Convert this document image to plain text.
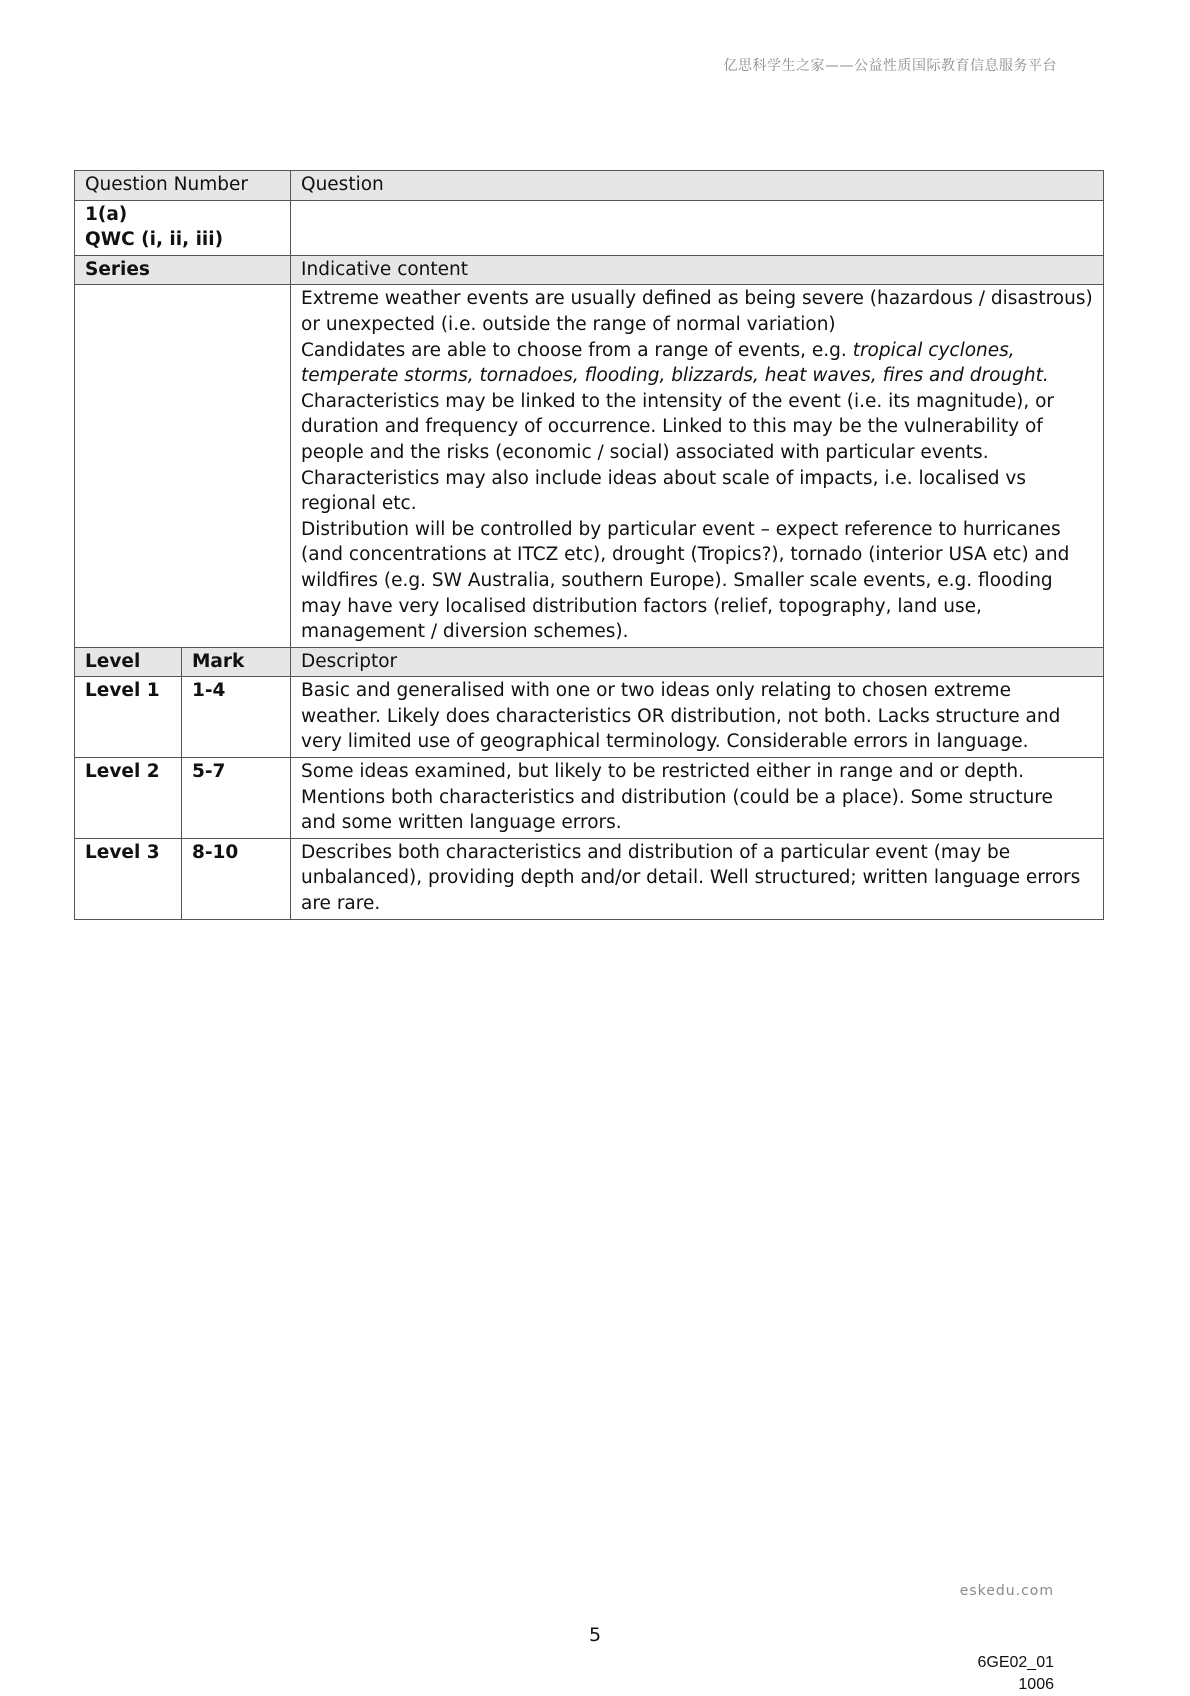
亿思科学生之家——公益性质国际教育信息服务平台
Question Number		Question

1(a)
QWC (i, ii, iii)		

Series		Indicative content

		Extreme weather events are usually defined as being severe (hazardous / disastrous) or unexpected (i.e. outside the range of normal variation)

Candidates are able to choose from a range of events, e.g. tropical cyclones, temperate storms, tornadoes, flooding, blizzards, heat waves, fires and drought.

Characteristics may be linked to the intensity of the event (i.e. its magnitude), or duration and frequency of occurrence. Linked to this may be the vulnerability of people and the risks (economic / social) associated with particular events. Characteristics may also include ideas about scale of impacts, i.e. localised vs regional etc.

Distribution will be controlled by particular event – expect reference to hurricanes (and concentrations at ITCZ etc), drought (Tropics?), tornado (interior USA etc) and wildfires (e.g. SW Australia, southern Europe). Smaller scale events, e.g. flooding may have very localised distribution factors (relief, topography, land use, management / diversion schemes).

Level	Mark	Descriptor
Level 1	1-4	Basic and generalised with one or two ideas only relating to chosen extreme weather. Likely does characteristics OR distribution, not both. Lacks structure and very limited use of geographical terminology. Considerable errors in language.
Level 2	5-7	Some ideas examined, but likely to be restricted either in range and or depth. Mentions both characteristics and distribution (could be a place). Some structure and some written language errors.
Level 3	8-10	Describes both characteristics and distribution of a particular event (may be unbalanced), providing depth and/or detail. Well structured; written language errors are rare.
eskedu.com
5
6GE02_01
1006
